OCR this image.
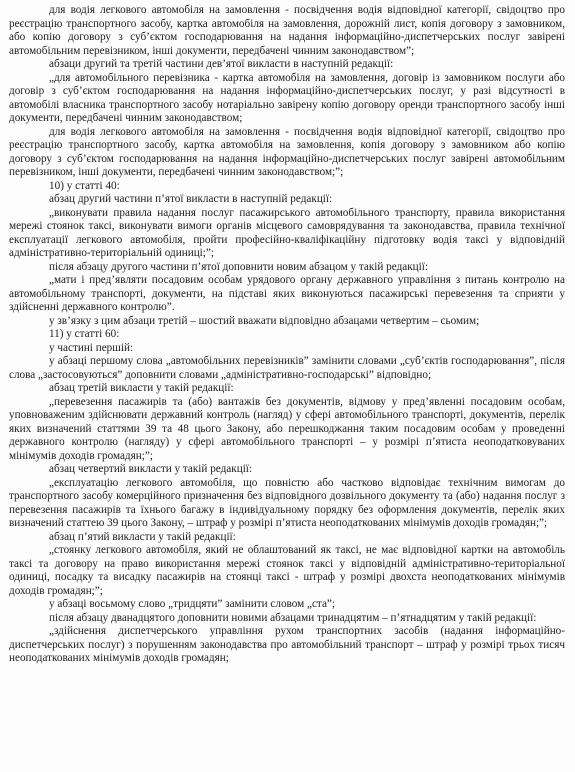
для водія легкового автомобіля на замовлення - посвідчення водія відповідної категорії, свідоцтво про реєстрацію транспортного засобу, картка автомобіля на замовлення, дорожній лист, копія договору з замовником, або копію договору з суб’єктом господарювання на надання інформаційно-диспетчерських послуг завірені автомобільним перевізником, інші документи, передбачені чинним законодавством”;

абзаци другий та третій частини дев’ятої викласти в наступній редакції:

„для автомобільного перевізника - картка автомобіля на замовлення, договір із замовником послуги або договір з суб’єктом господарювання на надання інформаційно-диспетчерських послуг, у разі відсутності в автомобілі власника транспортного засобу нотаріально завірену копію договору оренди транспортного засобу інші документи, передбачені чинним законодавством;

для водія легкового автомобіля на замовлення - посвідчення водія відповідної категорії, свідоцтво про реєстрацію транспортного засобу, картка автомобіля на замовлення, копія договору з замовником або копію договору з суб’єктом господарювання на надання інформаційно-диспетчерських послуг завірені автомобільним перевізником, інші документи, передбачені чинним законодавством;”;

10) у статті 40:

абзац другий частини п’ятої викласти в наступній редакції:

„виконувати правила надання послуг пасажирського автомобільного транспорту, правила використання мережі стоянок таксі, виконувати вимоги органів місцевого самоврядування та законодавства, правила технічної експлуатації легкового автомобіля, пройти професійно-кваліфікаційну підготовку водія таксі у відповідній адміністративно-територіальній одиниці;”;

після абзацу другого частини п’ятої доповнити новим абзацом у такій редакції:

„мати і пред’являти посадовим особам урядового органу державного управління з питань контролю на автомобільному транспорті, документи, на підставі яких виконуються пасажирські перевезення та сприяти у здійсненні державного контролю”.

у зв’язку з цим абзаци третій – шостий вважати відповідно абзацами четвертим – сьомим;

11) у статті 60:

у частині першій:

у абзаці першому слова „автомобільних перевізників” замінити словами „суб’єктів господарювання”, після слова „застосовуються” доповнити словами „адміністративно-господарські” відповідно;

абзац третій викласти у такій редакції:

„перевезення пасажирів та (або) вантажів без документів, відмову у пред’явленні посадовим особам, уповноваженим здійснювати державний контроль (нагляд) у сфері автомобільного транспорті, документів, перелік яких визначений статтями 39 та 48 цього Закону, або перешкоджання таким посадовим особам у проведенні державного контролю (нагляду) у сфері автомобільного транспорті – у розмірі п’ятиста неоподатковуваних мінімумів доходів громадян;”;

абзац четвертий викласти у такій редакції:

„експлуатацію легкового автомобіля, що повністю або частково відповідає технічним вимогам до транспортного засобу комерційного призначення без відповідного дозвільного документу та (або) надання послуг з перевезення пасажирів та їхнього багажу в індивідуальному порядку без оформлення документів, перелік яких визначений статтею 39 цього Закону, – штраф у розмірі п’ятиста неоподаткованих мінімумів доходів громадян;”;

абзац п’ятий викласти у такій редакції:

„стоянку легкового автомобіля, який не облаштований як таксі, не має відповідної картки на автомобіль таксі та договору на право використання мережі стоянок таксі у відповідній адміністративно-територіальної одиниці, посадку та висадку пасажирів на стоянці таксі - штраф у розмірі двохста неоподаткованих мінімумів доходів громадян;”;

у абзаці восьмому слово „тридцяти” замінити словом „ста”;

після абзацу дванадцятого доповнити новими абзацами тринадцятим – п’ятнадцятим у такій редакції:

„здійснення диспетчерського управління рухом транспортних засобів (надання інформаційно-диспетчерських послуг) з порушенням законодавства про автомобільний транспорт – штраф у розмірі трьох тисяч неоподаткованих мінімумів доходів громадян;
